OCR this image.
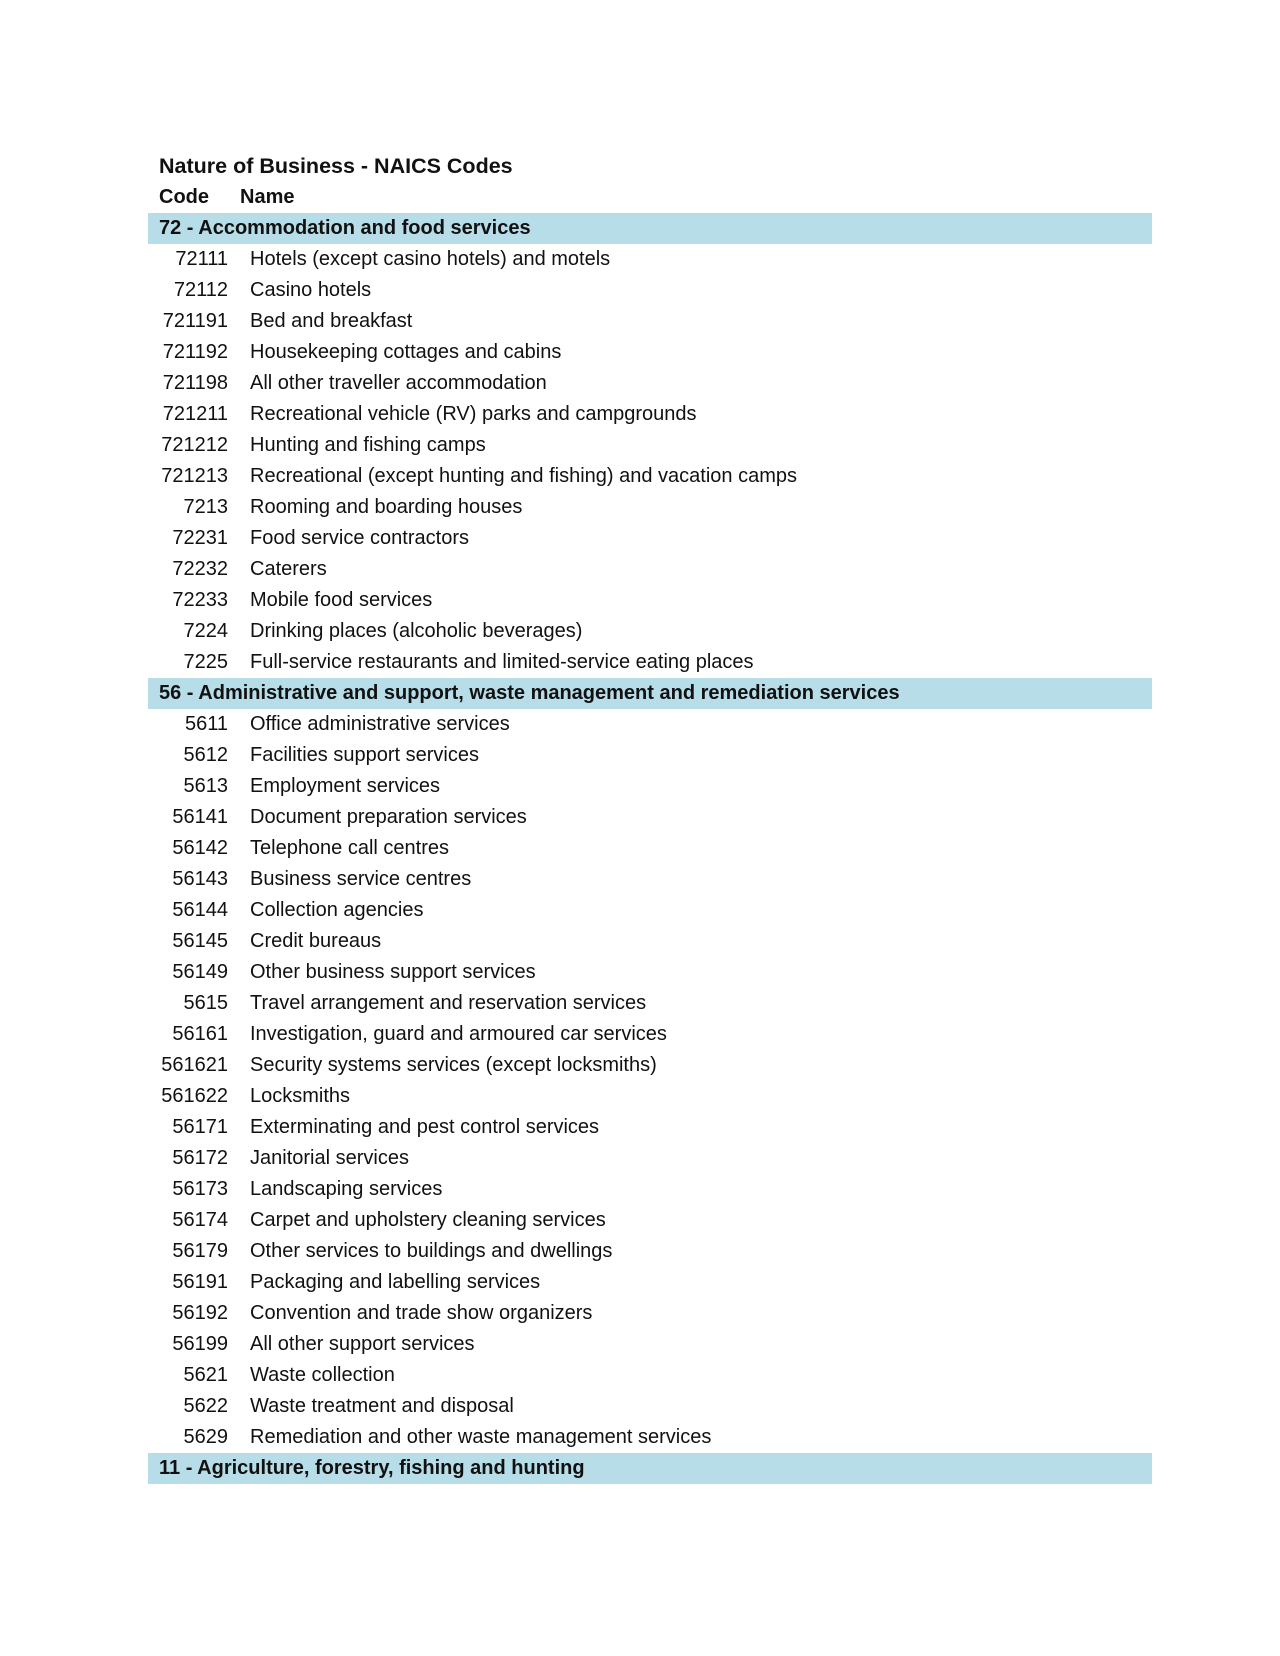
Nature of Business - NAICS Codes
Code	Name
72 - Accommodation and food services
72111	Hotels (except casino hotels) and motels
72112	Casino hotels
721191	Bed and breakfast
721192	Housekeeping cottages and cabins
721198	All other traveller accommodation
721211	Recreational vehicle (RV) parks and campgrounds
721212	Hunting and fishing camps
721213	Recreational (except hunting and fishing) and vacation camps
7213	Rooming and boarding houses
72231	Food service contractors
72232	Caterers
72233	Mobile food services
7224	Drinking places (alcoholic beverages)
7225	Full-service restaurants and limited-service eating places
56 - Administrative and support, waste management and remediation services
5611	Office administrative services
5612	Facilities support services
5613	Employment services
56141	Document preparation services
56142	Telephone call centres
56143	Business service centres
56144	Collection agencies
56145	Credit bureaus
56149	Other business support services
5615	Travel arrangement and reservation services
56161	Investigation, guard and armoured car services
561621	Security systems services (except locksmiths)
561622	Locksmiths
56171	Exterminating and pest control services
56172	Janitorial services
56173	Landscaping services
56174	Carpet and upholstery cleaning services
56179	Other services to buildings and dwellings
56191	Packaging and labelling services
56192	Convention and trade show organizers
56199	All other support services
5621	Waste collection
5622	Waste treatment and disposal
5629	Remediation and other waste management services
11 - Agriculture, forestry, fishing and hunting
